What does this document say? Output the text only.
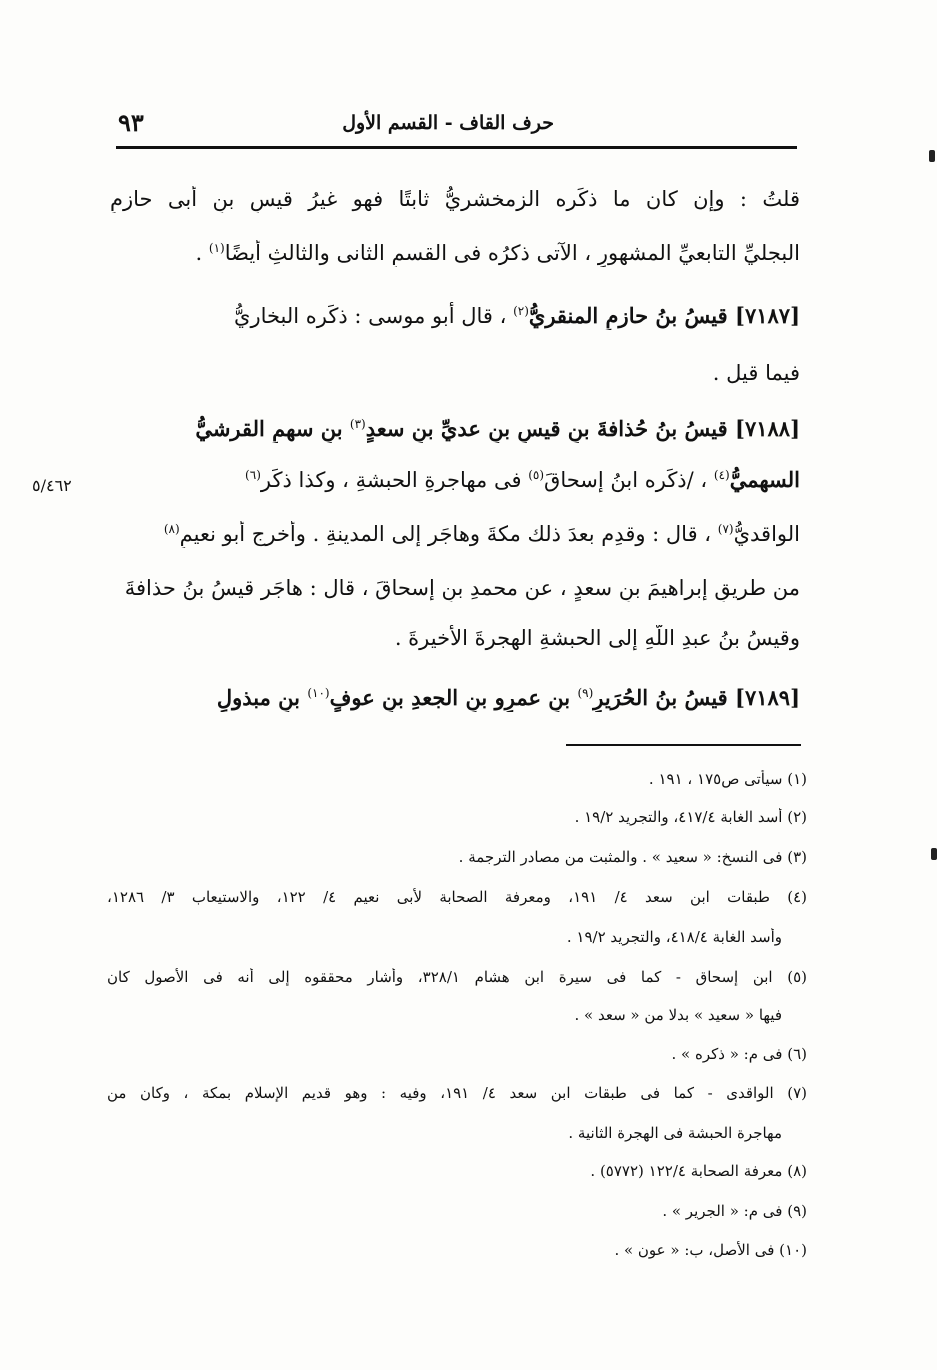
حرف القاف - القسم الأول
٩٣
قلتُ : وإن كان ما ذكَره الزمخشريُّ ثابتًا فهو غيرُ قيسِ بنِ أبى حازمٍ
البجليِّ التابعيِّ المشهورِ ، الآتى ذكرُه فى القسمِ الثانى والثالثِ أيضًا$^{(١)}$ .
[٧١٨٧] قيسُ بنُ حازمٍ المنقريُّ$^{(٢)}$ ، قال أبو موسى : ذكَره البخاريُّ
فيما قيل .
[٧١٨٨] قيسُ بنُ حُذافةَ بنِ قيسِ بنِ عديِّ بنِ سعدٍ$^{(٣)}$ بنِ سهمٍ القرشيُّ
السهميُّ$^{(٤)}$ ، /ذكَره ابنُ إسحاقَ$^{(٥)}$ فى مهاجرةِ الحبشةِ ، وكذا ذكَر$^{(٦)}$
٥/٤٦٢
الواقديُّ$^{(٧)}$ ، قال : وقدِم بعدَ ذلك مكةَ وهاجَر إلى المدينةِ . وأخرج أبو نعيمٍ$^{(٨)}$
من طريقِ إبراهيمَ بنِ سعدٍ ، عن محمدِ بنِ إسحاقَ ، قال : هاجَر قيسُ بنُ حذافةَ
وقيسُ بنُ عبدِ اللَّهِ إلى الحبشةِ الهجرةَ الأخيرةَ .
[٧١٨٩] قيسُ بنُ الحُرَيرِ$^{(٩)}$ بنِ عمرِو بنِ الجعدِ بنِ عوفٍ$^{(١٠)}$ بنِ مبذولٍ
(١) سيأتى ص١٧٥ ، ١٩١ .
(٢) أسد الغابة ٤١٧/٤، والتجريد ١٩/٢ .
(٣) فى النسخ: « سعيد » . والمثبت من مصادر الترجمة .
(٤) طبقات ابن سعد ٤/ ١٩١، ومعرفة الصحابة لأبى نعيم ٤/ ١٢٢، والاستيعاب ٣/ ١٢٨٦،
وأسد الغابة ٤١٨/٤، والتجريد ١٩/٢ .
(٥) ابن إسحاق - كما فى سيرة ابن هشام ٣٢٨/١، وأشار محققوه إلى أنه فى الأصول كان
فيها « سعيد » بدلا من « سعد » .
(٦) فى م: « ذكره » .
(٧) الواقدى - كما فى طبقات ابن سعد ٤/ ١٩١، وفيه : وهو قديم الإسلام بمكة ، وكان من
مهاجرة الحبشة فى الهجرة الثانية .
(٨) معرفة الصحابة ١٢٢/٤ (٥٧٧٢) .
(٩) فى م: « الجرير » .
(١٠) فى الأصل، ب: « عون » .
